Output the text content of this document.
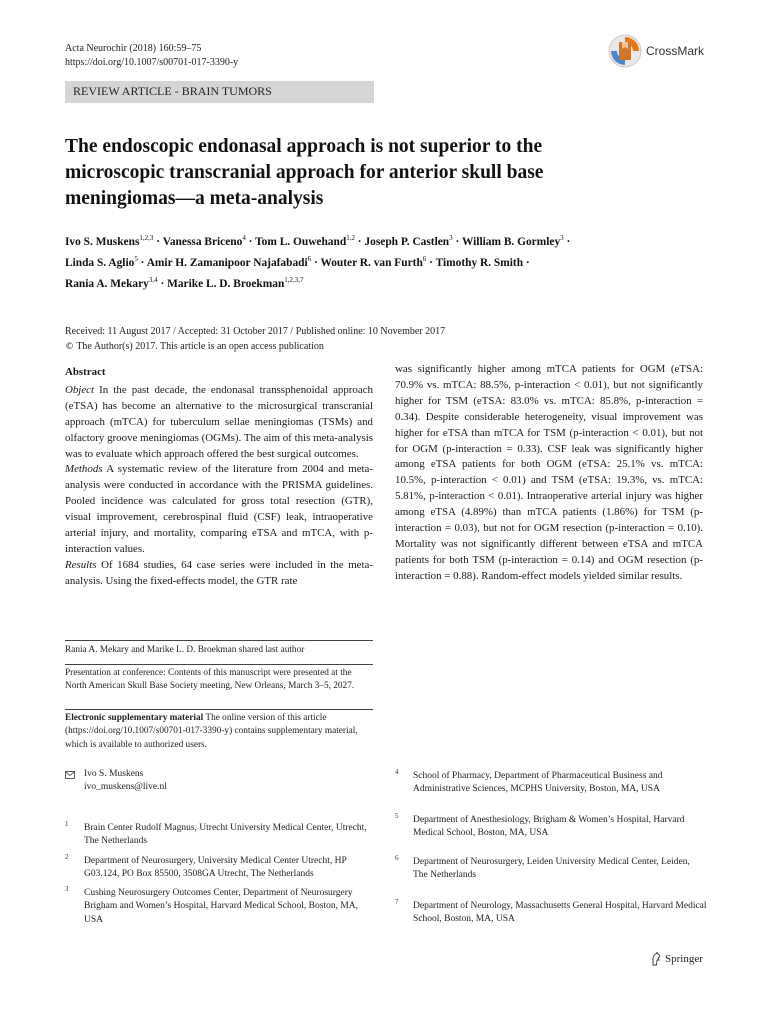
Acta Neurochir (2018) 160:59–75
https://doi.org/10.1007/s00701-017-3390-y
CrossMark
REVIEW ARTICLE - BRAIN TUMORS
The endoscopic endonasal approach is not superior to the microscopic transcranial approach for anterior skull base meningiomas—a meta-analysis
Ivo S. Muskens$^{1,2,3}$ · Vanessa Briceno$^4$ · Tom L. Ouwehand$^{1,2}$ · Joseph P. Castlen$^3$ · William B. Gormley$^3$ ·
Linda S. Aglio$^5$ · Amir H. Zamanipoor Najafabadi$^6$ · Wouter R. van Furth$^6$ · Timothy R. Smith ·
Rania A. Mekary$^{3,4}$ · Marike L. D. Broekman$^{1,2,3,7}$
Received: 11 August 2017 / Accepted: 31 October 2017 / Published online: 10 November 2017
© The Author(s) 2017. This article is an open access publication
Abstract
Object In the past decade, the endonasal transsphenoidal approach (eTSA) has become an alternative to the microsurgical transcranial approach (mTCA) for tuberculum sellae meningiomas (TSMs) and olfactory groove meningiomas (OGMs). The aim of this meta-analysis was to evaluate which approach offered the best surgical outcomes.
Methods A systematic review of the literature from 2004 and meta-analysis were conducted in accordance with the PRISMA guidelines. Pooled incidence was calculated for gross total resection (GTR), visual improvement, cerebrospinal fluid (CSF) leak, intraoperative arterial injury, and mortality, comparing eTSA and mTCA, with p-interaction values.
Results Of 1684 studies, 64 case series were included in the meta-analysis. Using the fixed-effects model, the GTR rate
was significantly higher among mTCA patients for OGM (eTSA: 70.9% vs. mTCA: 88.5%, p-interaction < 0.01), but not significantly higher for TSM (eTSA: 83.0% vs. mTCA: 85.8%, p-interaction = 0.34). Despite considerable heterogeneity, visual improvement was higher for eTSA than mTCA for TSM (p-interaction < 0.01), but not for OGM (p-interaction = 0.33). CSF leak was significantly higher among eTSA patients for both OGM (eTSA: 25.1% vs. mTCA: 10.5%, p-interaction < 0.01) and TSM (eTSA: 19.3%, vs. mTCA: 5.81%, p-interaction < 0.01). Intraoperative arterial injury was higher among eTSA (4.89%) than mTCA patients (1.86%) for TSM (p-interaction = 0.03), but not for OGM resection (p-interaction = 0.10). Mortality was not significantly different between eTSA and mTCA patients for both TSM (p-interaction = 0.14) and OGM resection (p-interaction = 0.88). Random-effect models yielded similar results.
Rania A. Mekary and Marike L. D. Broekman shared last author
Presentation at conference: Contents of this manuscript were presented at the North American Skull Base Society meeting, New Orleans, March 3–5, 2027.
Electronic supplementary material The online version of this article (https://doi.org/10.1007/s00701-017-3390-y) contains supplementary material, which is available to authorized users.
Ivo S. Muskens
ivo_muskens@live.nl
1 Brain Center Rudolf Magnus, Utrecht University Medical Center, Utrecht, The Netherlands
2 Department of Neurosurgery, University Medical Center Utrecht, HP G03.124, PO Box 85500, 3508GA Utrecht, The Netherlands
3 Cushing Neurosurgery Outcomes Center, Department of Neurosurgery Brigham and Women’s Hospital, Harvard Medical School, Boston, MA, USA
4 School of Pharmacy, Department of Pharmaceutical Business and Administrative Sciences, MCPHS University, Boston, MA, USA
5 Department of Anesthesiology, Brigham & Women’s Hospital, Harvard Medical School, Boston, MA, USA
6 Department of Neurosurgery, Leiden University Medical Center, Leiden, The Netherlands
7 Department of Neurology, Massachusetts General Hospital, Harvard Medical School, Boston, MA, USA
Springer
